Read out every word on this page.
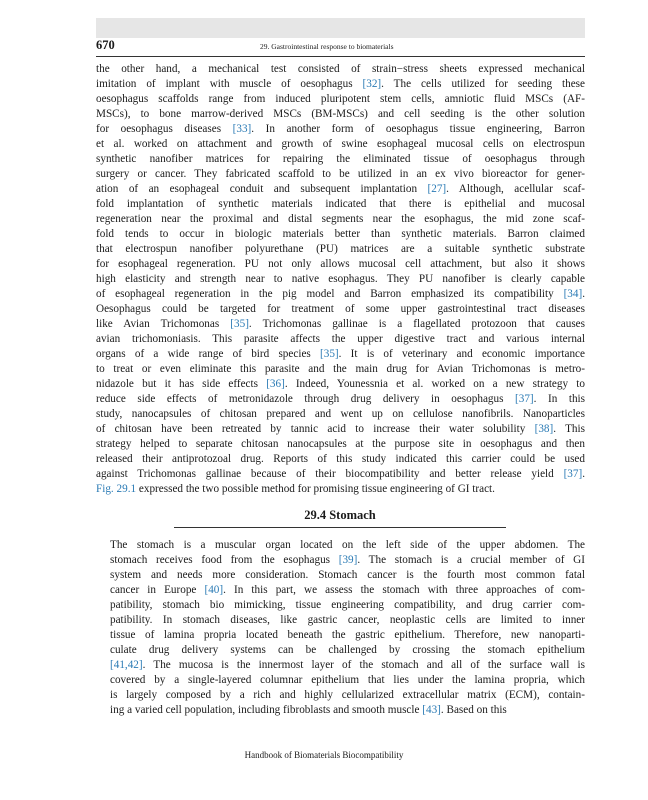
670	29. Gastrointestinal response to biomaterials
the other hand, a mechanical test consisted of strain−stress sheets expressed mechanical
imitation of implant with muscle of oesophagus [32]. The cells utilized for seeding these
oesophagus scaffolds range from induced pluripotent stem cells, amniotic fluid MSCs (AF-
MSCs), to bone marrow-derived MSCs (BM-MSCs) and cell seeding is the other solution
for oesophagus diseases [33]. In another form of oesophagus tissue engineering, Barron
et al. worked on attachment and growth of swine esophageal mucosal cells on electrospun
synthetic nanofiber matrices for repairing the eliminated tissue of oesophagus through
surgery or cancer. They fabricated scaffold to be utilized in an ex vivo bioreactor for gener-
ation of an esophageal conduit and subsequent implantation [27]. Although, acellular scaf-
fold implantation of synthetic materials indicated that there is epithelial and mucosal
regeneration near the proximal and distal segments near the esophagus, the mid zone scaf-
fold tends to occur in biologic materials better than synthetic materials. Barron claimed
that electrospun nanofiber polyurethane (PU) matrices are a suitable synthetic substrate
for esophageal regeneration. PU not only allows mucosal cell attachment, but also it shows
high elasticity and strength near to native esophagus. They PU nanofiber is clearly capable
of esophageal regeneration in the pig model and Barron emphasized its compatibility [34].
Oesophagus could be targeted for treatment of some upper gastrointestinal tract diseases
like Avian Trichomonas [35]. Trichomonas gallinae is a flagellated protozoon that causes
avian trichomoniasis. This parasite affects the upper digestive tract and various internal
organs of a wide range of bird species [35]. It is of veterinary and economic importance
to treat or even eliminate this parasite and the main drug for Avian Trichomonas is metro-
nidazole but it has side effects [36]. Indeed, Younessnia et al. worked on a new strategy to
reduce side effects of metronidazole through drug delivery in oesophagus [37]. In this
study, nanocapsules of chitosan prepared and went up on cellulose nanofibrils. Nanoparticles
of chitosan have been retreated by tannic acid to increase their water solubility [38]. This
strategy helped to separate chitosan nanocapsules at the purpose site in oesophagus and then
released their antiprotozoal drug. Reports of this study indicated this carrier could be used
against Trichomonas gallinae because of their biocompatibility and better release yield [37].
Fig. 29.1 expressed the two possible method for promising tissue engineering of GI tract.
29.4 Stomach
The stomach is a muscular organ located on the left side of the upper abdomen. The
stomach receives food from the esophagus [39]. The stomach is a crucial member of GI
system and needs more consideration. Stomach cancer is the fourth most common fatal
cancer in Europe [40]. In this part, we assess the stomach with three approaches of com-
patibility, stomach bio mimicking, tissue engineering compatibility, and drug carrier com-
patibility. In stomach diseases, like gastric cancer, neoplastic cells are limited to inner
tissue of lamina propria located beneath the gastric epithelium. Therefore, new nanoparti-
culate drug delivery systems can be challenged by crossing the stomach epithelium
[41,42]. The mucosa is the innermost layer of the stomach and all of the surface wall is
covered by a single-layered columnar epithelium that lies under the lamina propria, which
is largely composed by a rich and highly cellularized extracellular matrix (ECM), contain-
ing a varied cell population, including fibroblasts and smooth muscle [43]. Based on this
Handbook of Biomaterials Biocompatibility
